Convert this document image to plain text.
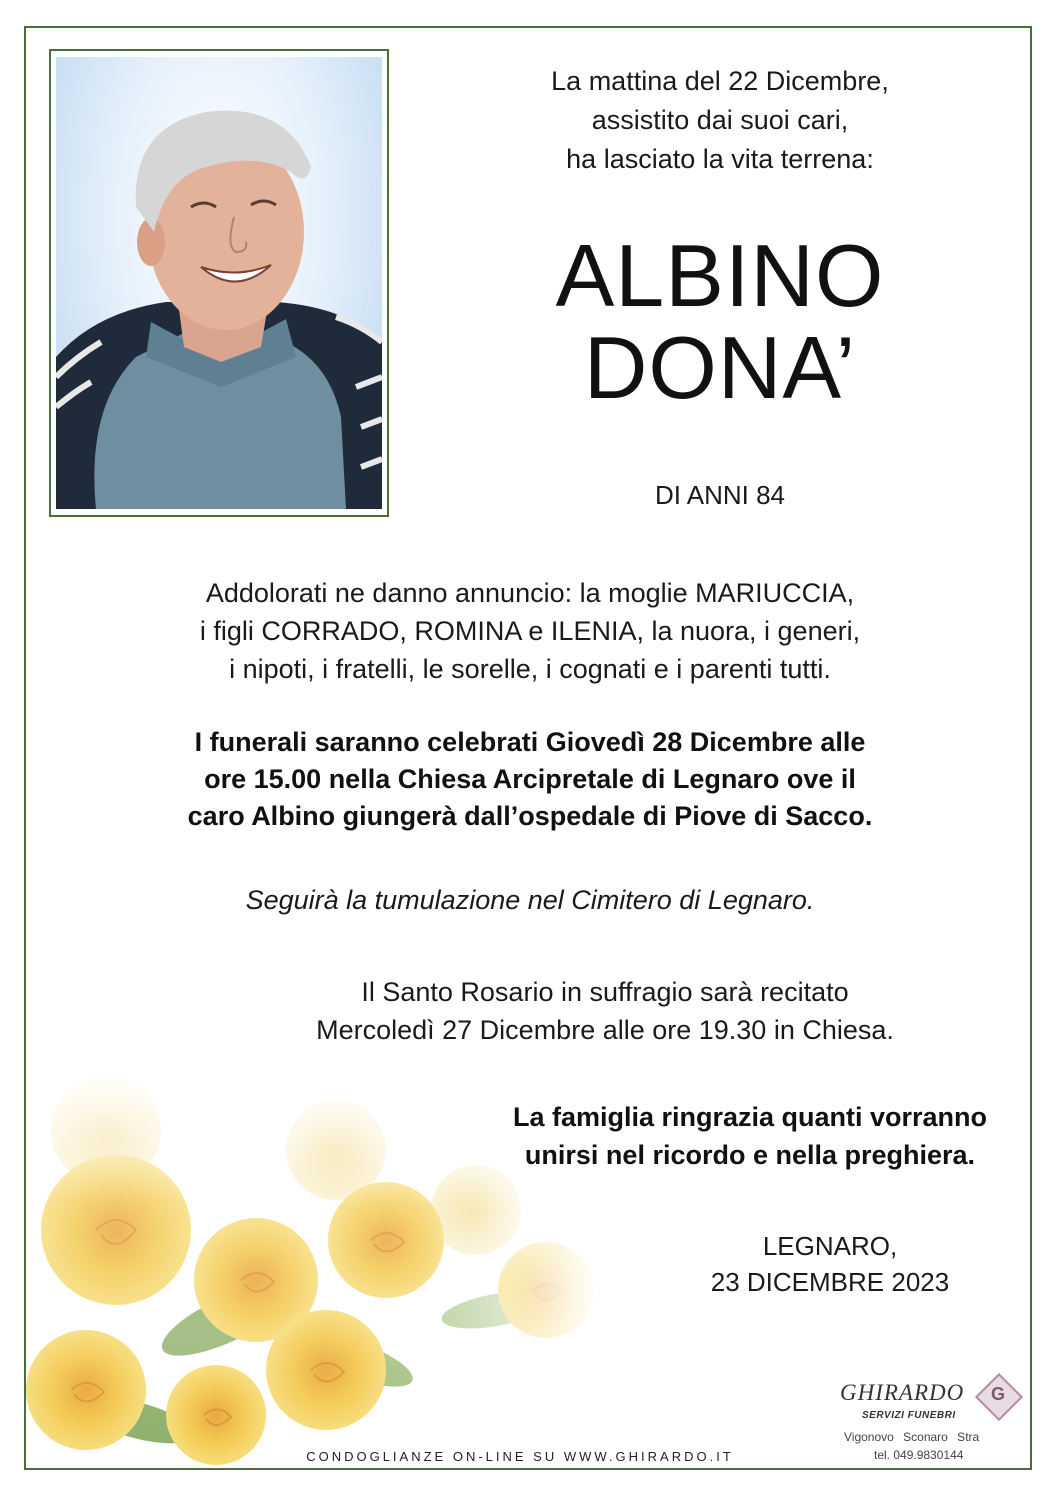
La mattina del 22 Dicembre,
assistito dai suoi cari,
ha lasciato la vita terrena:
ALBINO
DONA’
DI ANNI 84
Addolorati ne danno annuncio: la moglie MARIUCCIA,
i figli CORRADO, ROMINA e ILENIA, la nuora, i generi,
i nipoti, i fratelli, le sorelle, i cognati e i parenti tutti.
I funerali saranno celebrati Giovedì 28 Dicembre alle
ore 15.00 nella Chiesa Arcipretale di Legnaro ove il
caro Albino giungerà dall’ospedale di Piove di Sacco.
Seguirà la tumulazione nel Cimitero di Legnaro.
Il Santo Rosario in suffragio sarà recitato
Mercoledì 27 Dicembre alle ore 19.30 in Chiesa.
La famiglia ringrazia quanti vorranno
unirsi nel ricordo e nella preghiera.
LEGNARO,
23 DICEMBRE 2023
CONDOGLIANZE ON-LINE SU WWW.GHIRARDO.IT
GHIRARDO
SERVIZI FUNEBRI
G
Vigonovo Sconaro Stra
tel. 049.9830144
